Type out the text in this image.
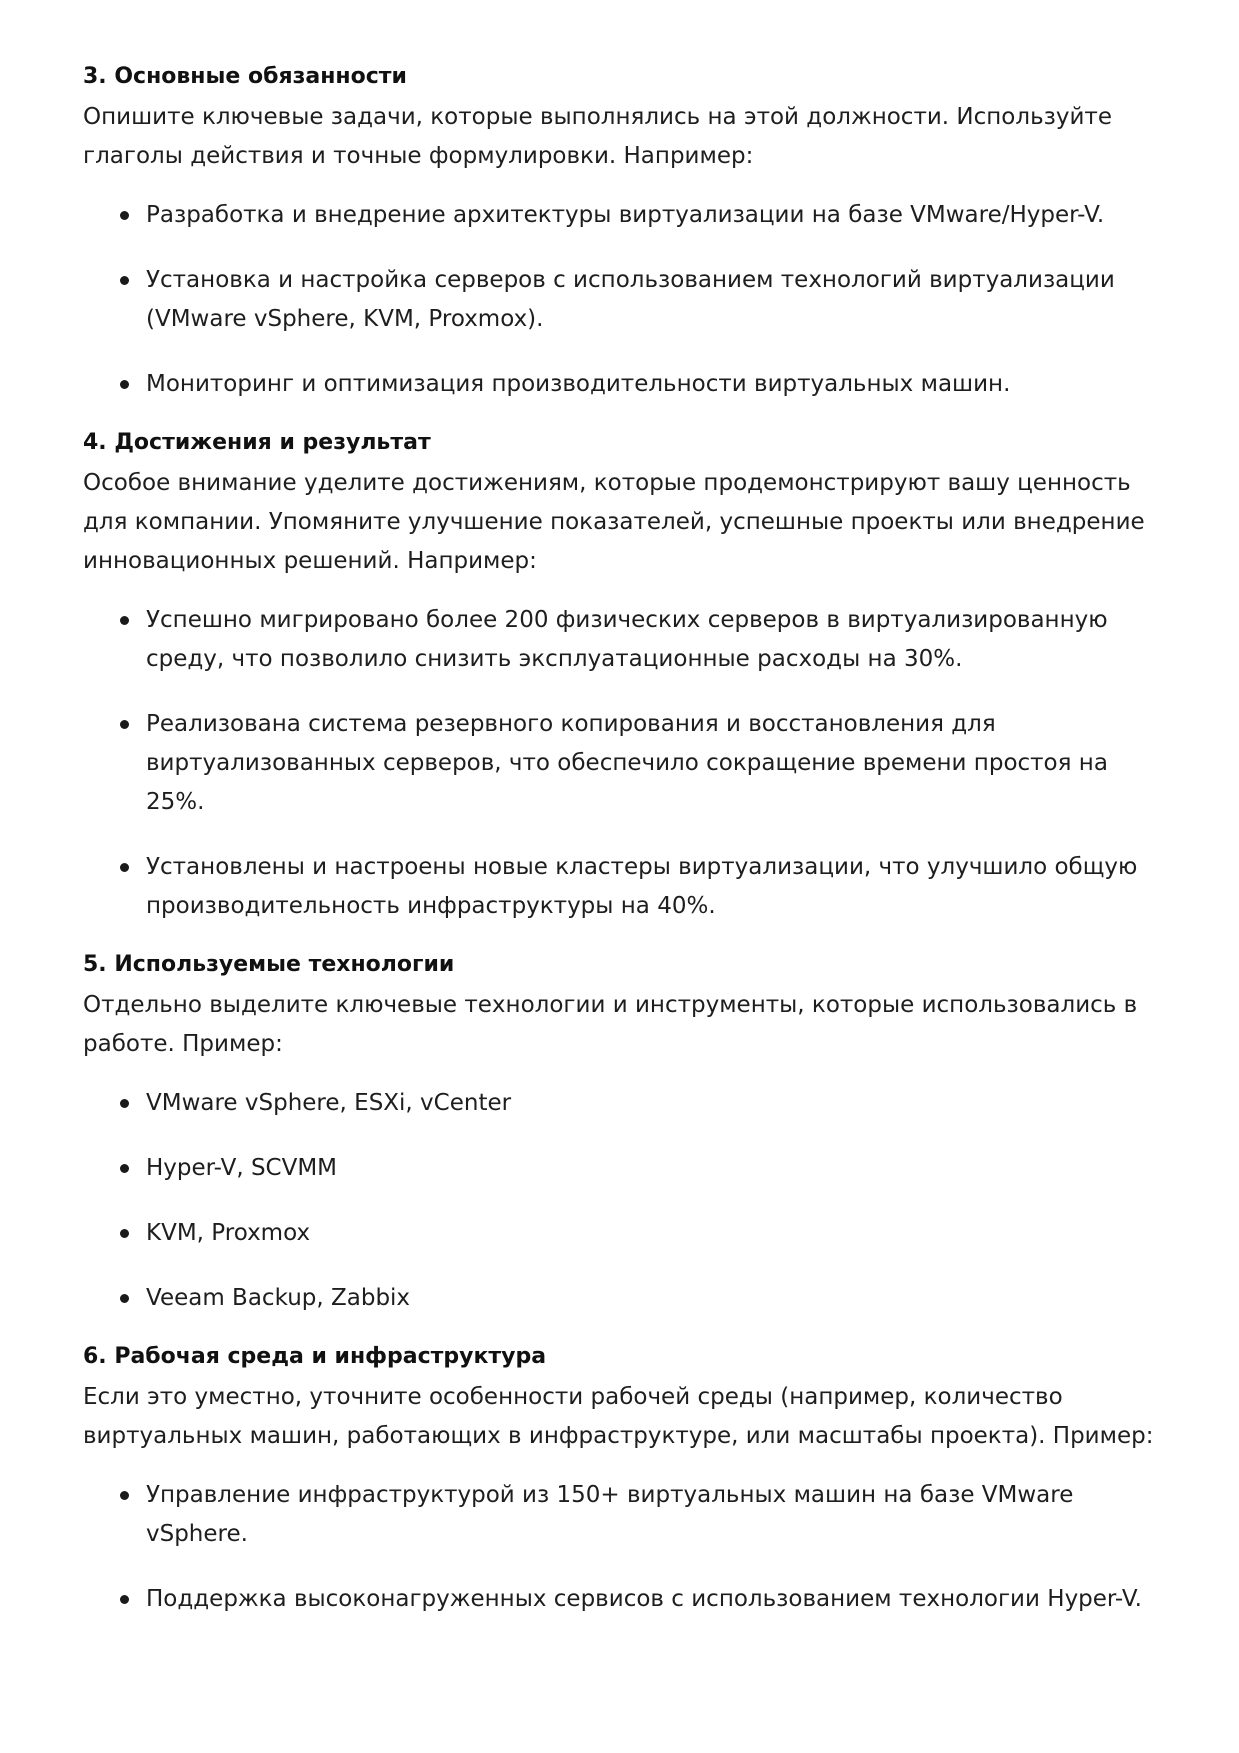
3. Основные обязанности

Опишите ключевые задачи, которые выполнялись на этой должности. Используйте глаголы действия и точные формулировки. Например:

Разработка и внедрение архитектуры виртуализации на базе VMware/Hyper-V.
Установка и настройка серверов с использованием технологий виртуализации (VMware vSphere, KVM, Proxmox).
Мониторинг и оптимизация производительности виртуальных машин.
4. Достижения и результат

Особое внимание уделите достижениям, которые продемонстрируют вашу ценность для компании. Упомяните улучшение показателей, успешные проекты или внедрение инновационных решений. Например:

Успешно мигрировано более 200 физических серверов в виртуализированную среду, что позволило снизить эксплуатационные расходы на 30%.
Реализована система резервного копирования и восстановления для виртуализованных серверов, что обеспечило сокращение времени простоя на 25%.
Установлены и настроены новые кластеры виртуализации, что улучшило общую производительность инфраструктуры на 40%.
5. Используемые технологии

Отдельно выделите ключевые технологии и инструменты, которые использовались в работе. Пример:

VMware vSphere, ESXi, vCenter
Hyper-V, SCVMM
KVM, Proxmox
Veeam Backup, Zabbix
6. Рабочая среда и инфраструктура

Если это уместно, уточните особенности рабочей среды (например, количество виртуальных машин, работающих в инфраструктуре, или масштабы проекта). Пример:

Управление инфраструктурой из 150+ виртуальных машин на базе VMware vSphere.
Поддержка высоконагруженных сервисов с использованием технологии Hyper-V.
